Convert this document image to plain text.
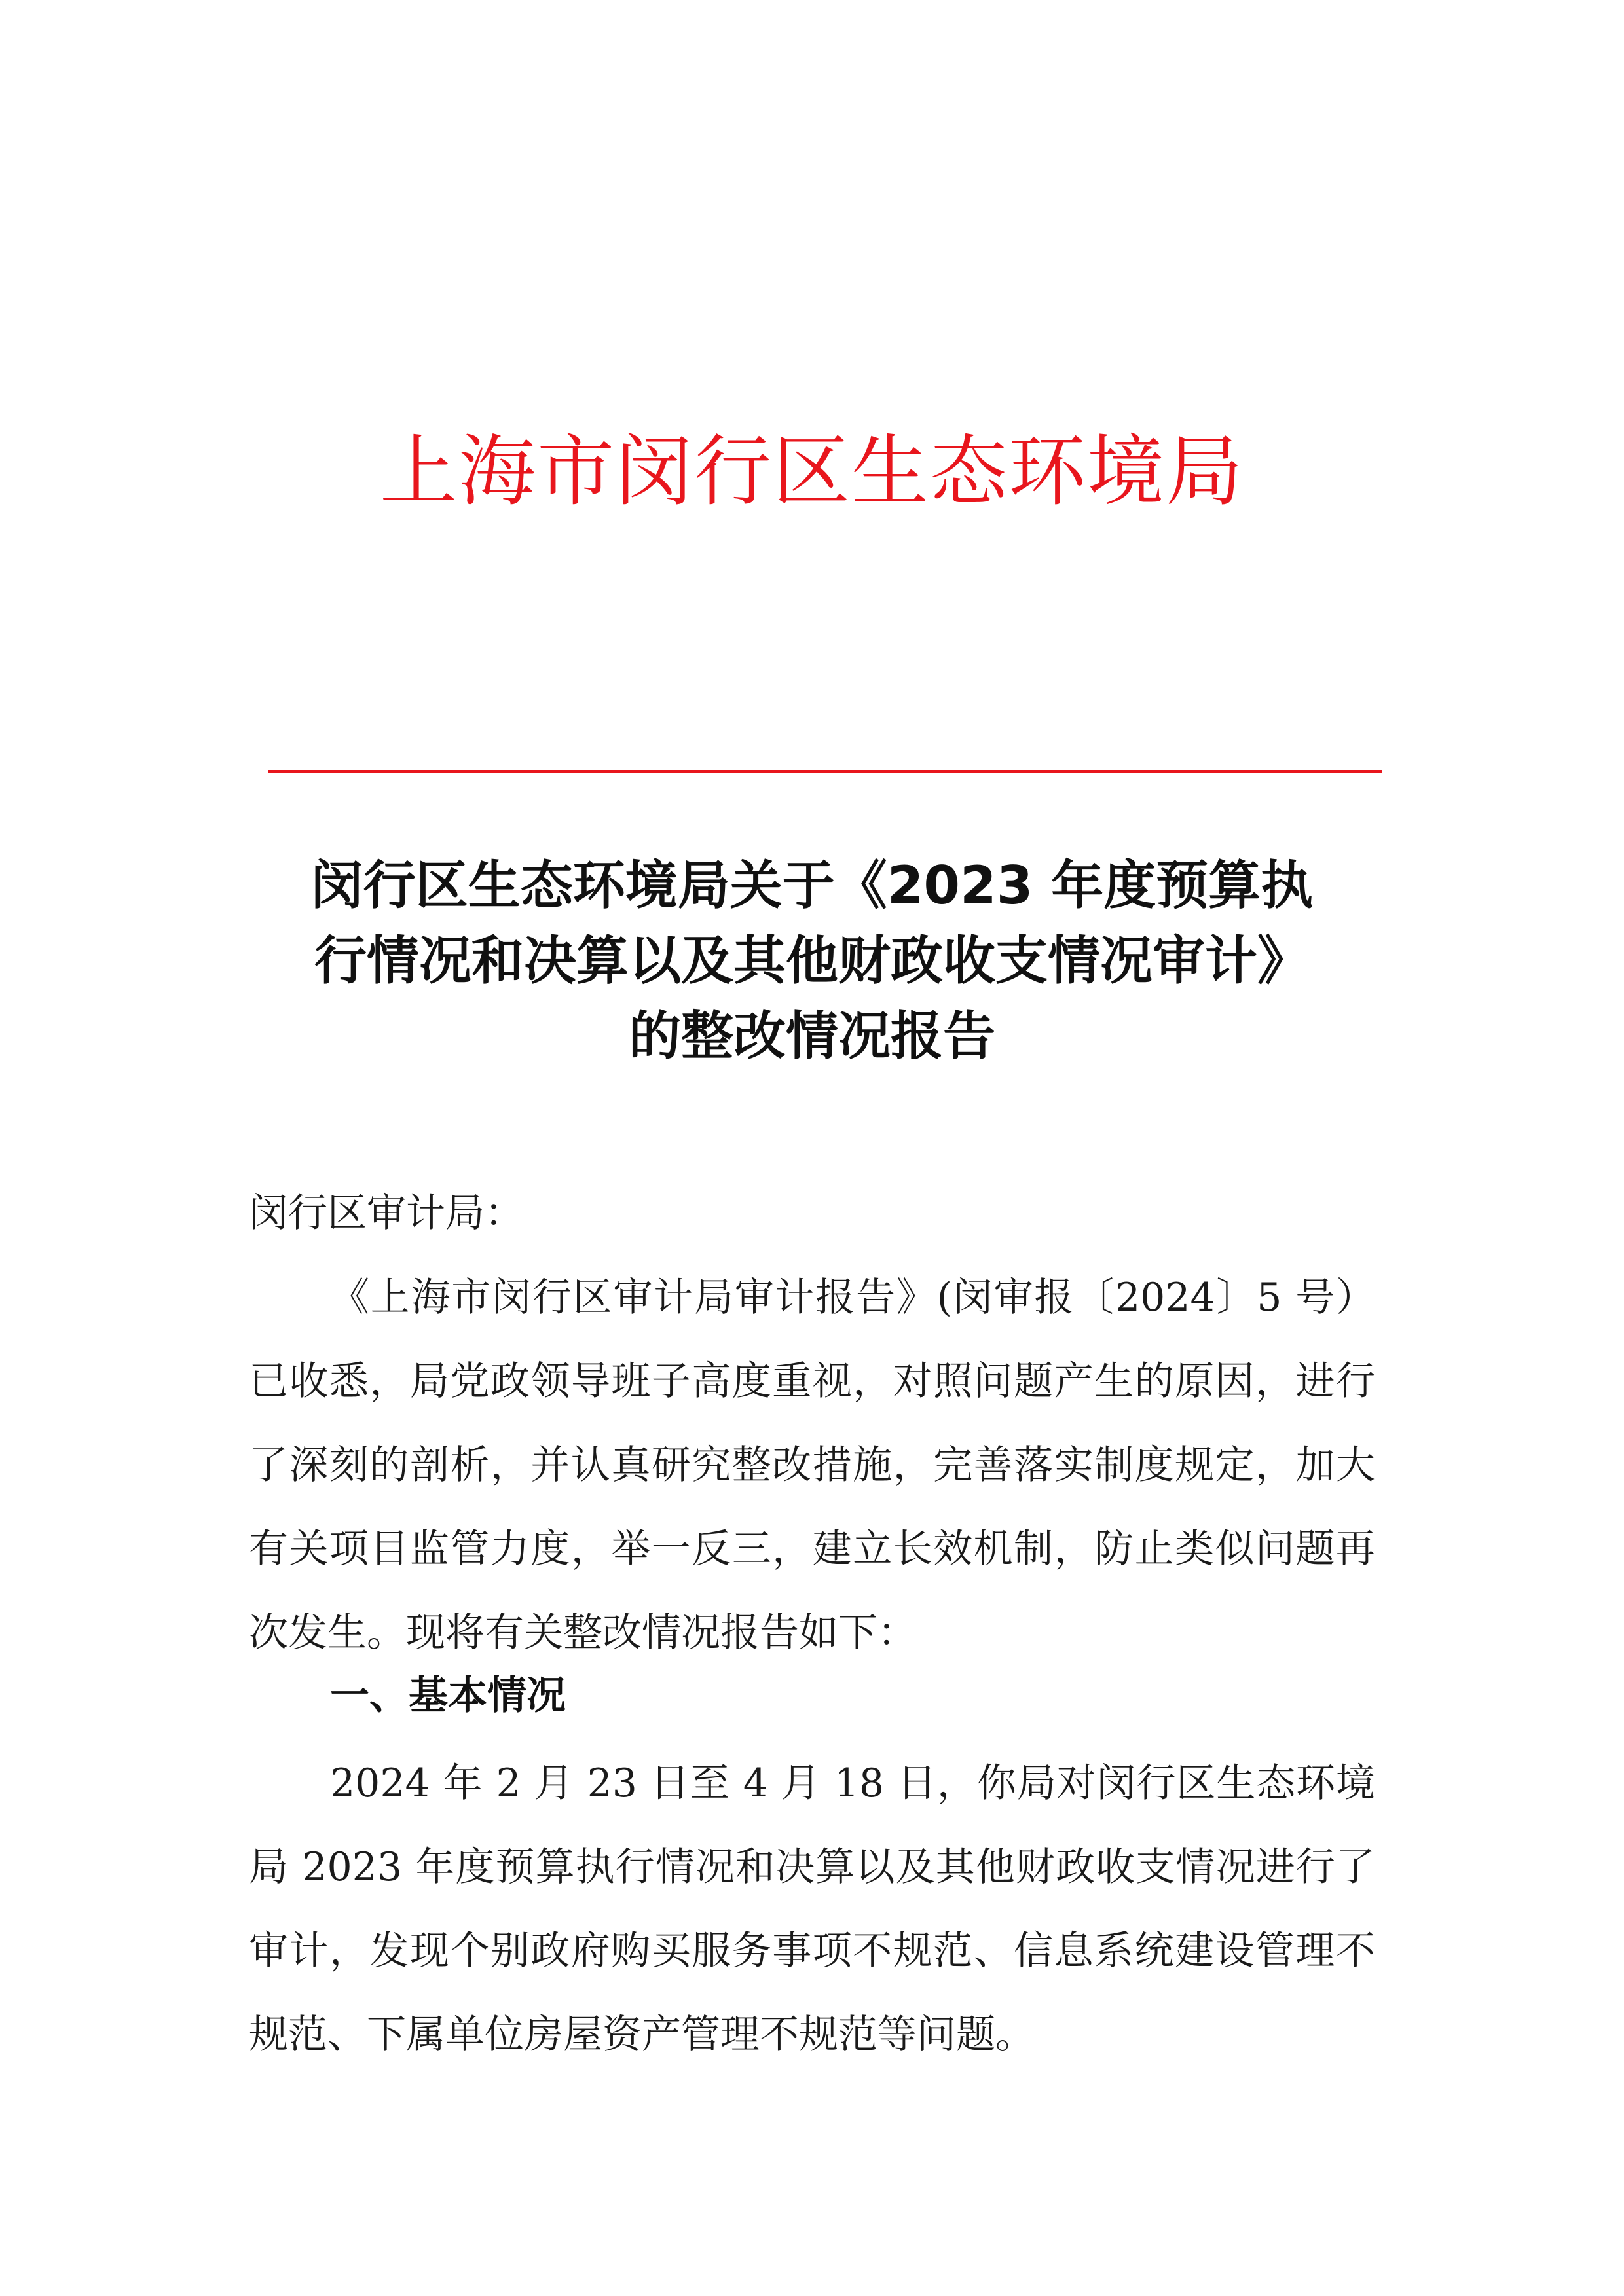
上海市闵行区生态环境局
闵行区生态环境局关于《2023 年度预算执
行情况和决算以及其他财政收支情况审计》
的整改情况报告
闵行区审计局：
《上海市闵行区审计局审计报告》(闵审报〔2024〕5 号）已收悉，局党政领导班子高度重视，对照问题产生的原因，进行了深刻的剖析，并认真研究整改措施，完善落实制度规定，加大有关项目监管力度，举一反三，建立长效机制，防止类似问题再次发生。现将有关整改情况报告如下：
一、基本情况
2024 年 2 月 23 日至 4 月 18 日，你局对闵行区生态环境局 2023 年度预算执行情况和决算以及其他财政收支情况进行了审计，发现个别政府购买服务事项不规范、信息系统建设管理不规范、下属单位房屋资产管理不规范等问题。
